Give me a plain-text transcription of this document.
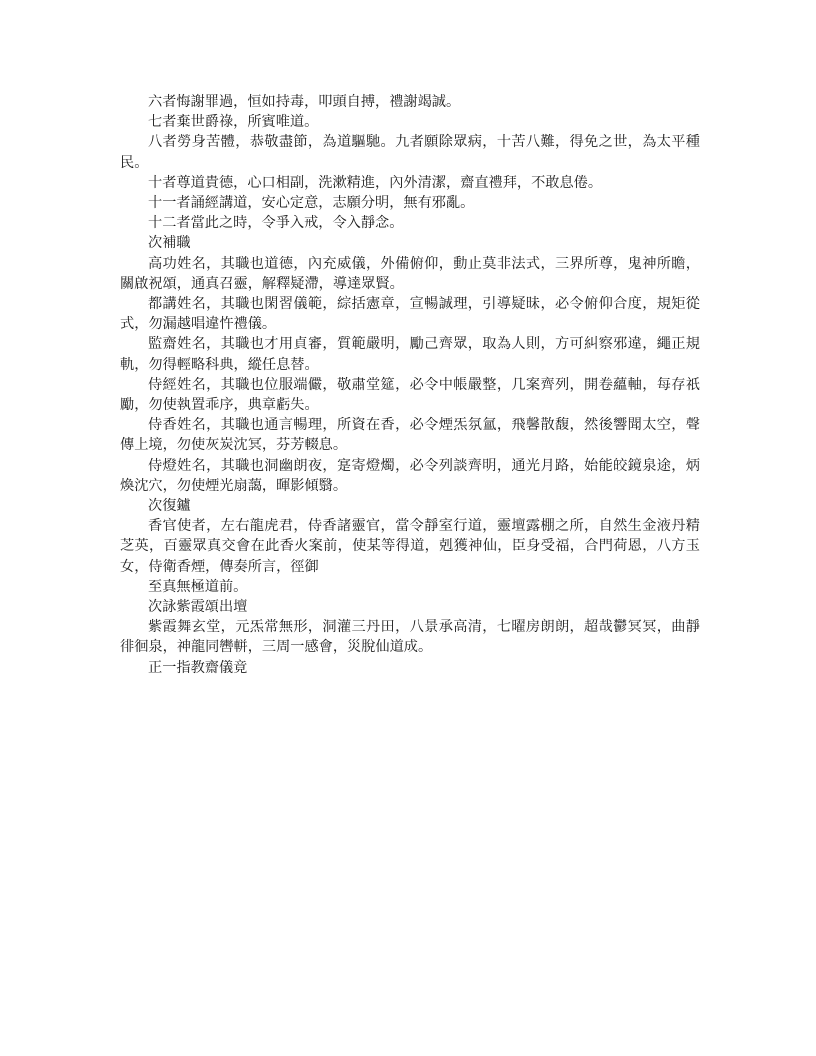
六者悔謝罪過，恒如持毒，叩頭自搏，禮謝竭誠。

七者棄世爵祿，所賓唯道。

八者勞身苦體，恭敬盡節，為道驅馳。九者願除眾病，十苦八難，得免之世，為太平種民。

十者尊道貴德，心口相副，洗漱精進，內外清潔，齋直禮拜，不敢息倦。

十一者誦經講道，安心定意，志願分明，無有邪亂。

十二者當此之時，令爭入戒，令入靜念。

次補職

高功姓名，其職也道德，內充威儀，外備俯仰，動止莫非法式，三界所尊，鬼神所瞻，關啟祝頌，通真召靈，解釋疑滯，導達眾賢。

都講姓名，其職也閑習儀範，綜括憲章，宣暢誠理，引導疑昧，必令俯仰合度，規矩從式，勿漏越唱違忤禮儀。

監齋姓名，其職也才用貞審，質範嚴明，勵己齊眾，取為人則，方可糾察邪違，繩正規軌，勿得輕略科典，縱任息替。

侍經姓名，其職也位服端儼，敬肅堂筵，必令中帳嚴整，几案齊列，開卷蘊軸，每存祇勵，勿使執置乖序，典章虧失。

侍香姓名，其職也通言暢理，所資在香，必令煙炁氛氳，飛馨散馥，然後響聞太空，聲傳上境，勿使灰炭沈冥，芬芳輟息。

侍燈姓名，其職也洞幽朗夜，寔寄燈燭，必令列談齊明，通光月路，始能皎鏡泉途，炳煥沈穴，勿使煙光扇藹，暉影傾翳。

次復鑪

香官使者，左右龍虎君，侍香諸靈官，當令靜室行道，靈壇露棚之所，自然生金液丹精芝英，百靈眾真交會在此香火案前，使某等得道，剋獲神仙，臣身受福，合門荷恩，八方玉女，侍衛香煙，傳奏所言，徑御

至真無極道前。

次詠紫霞頌出壇

紫霞舞玄堂，元炁常無形，洞灌三丹田，八景承高清，七曜房朗朗，超哉鬱冥冥，曲靜徘徊泉，神龍同轡軿，三周一感會，災脫仙道成。

正一指教齋儀竟
